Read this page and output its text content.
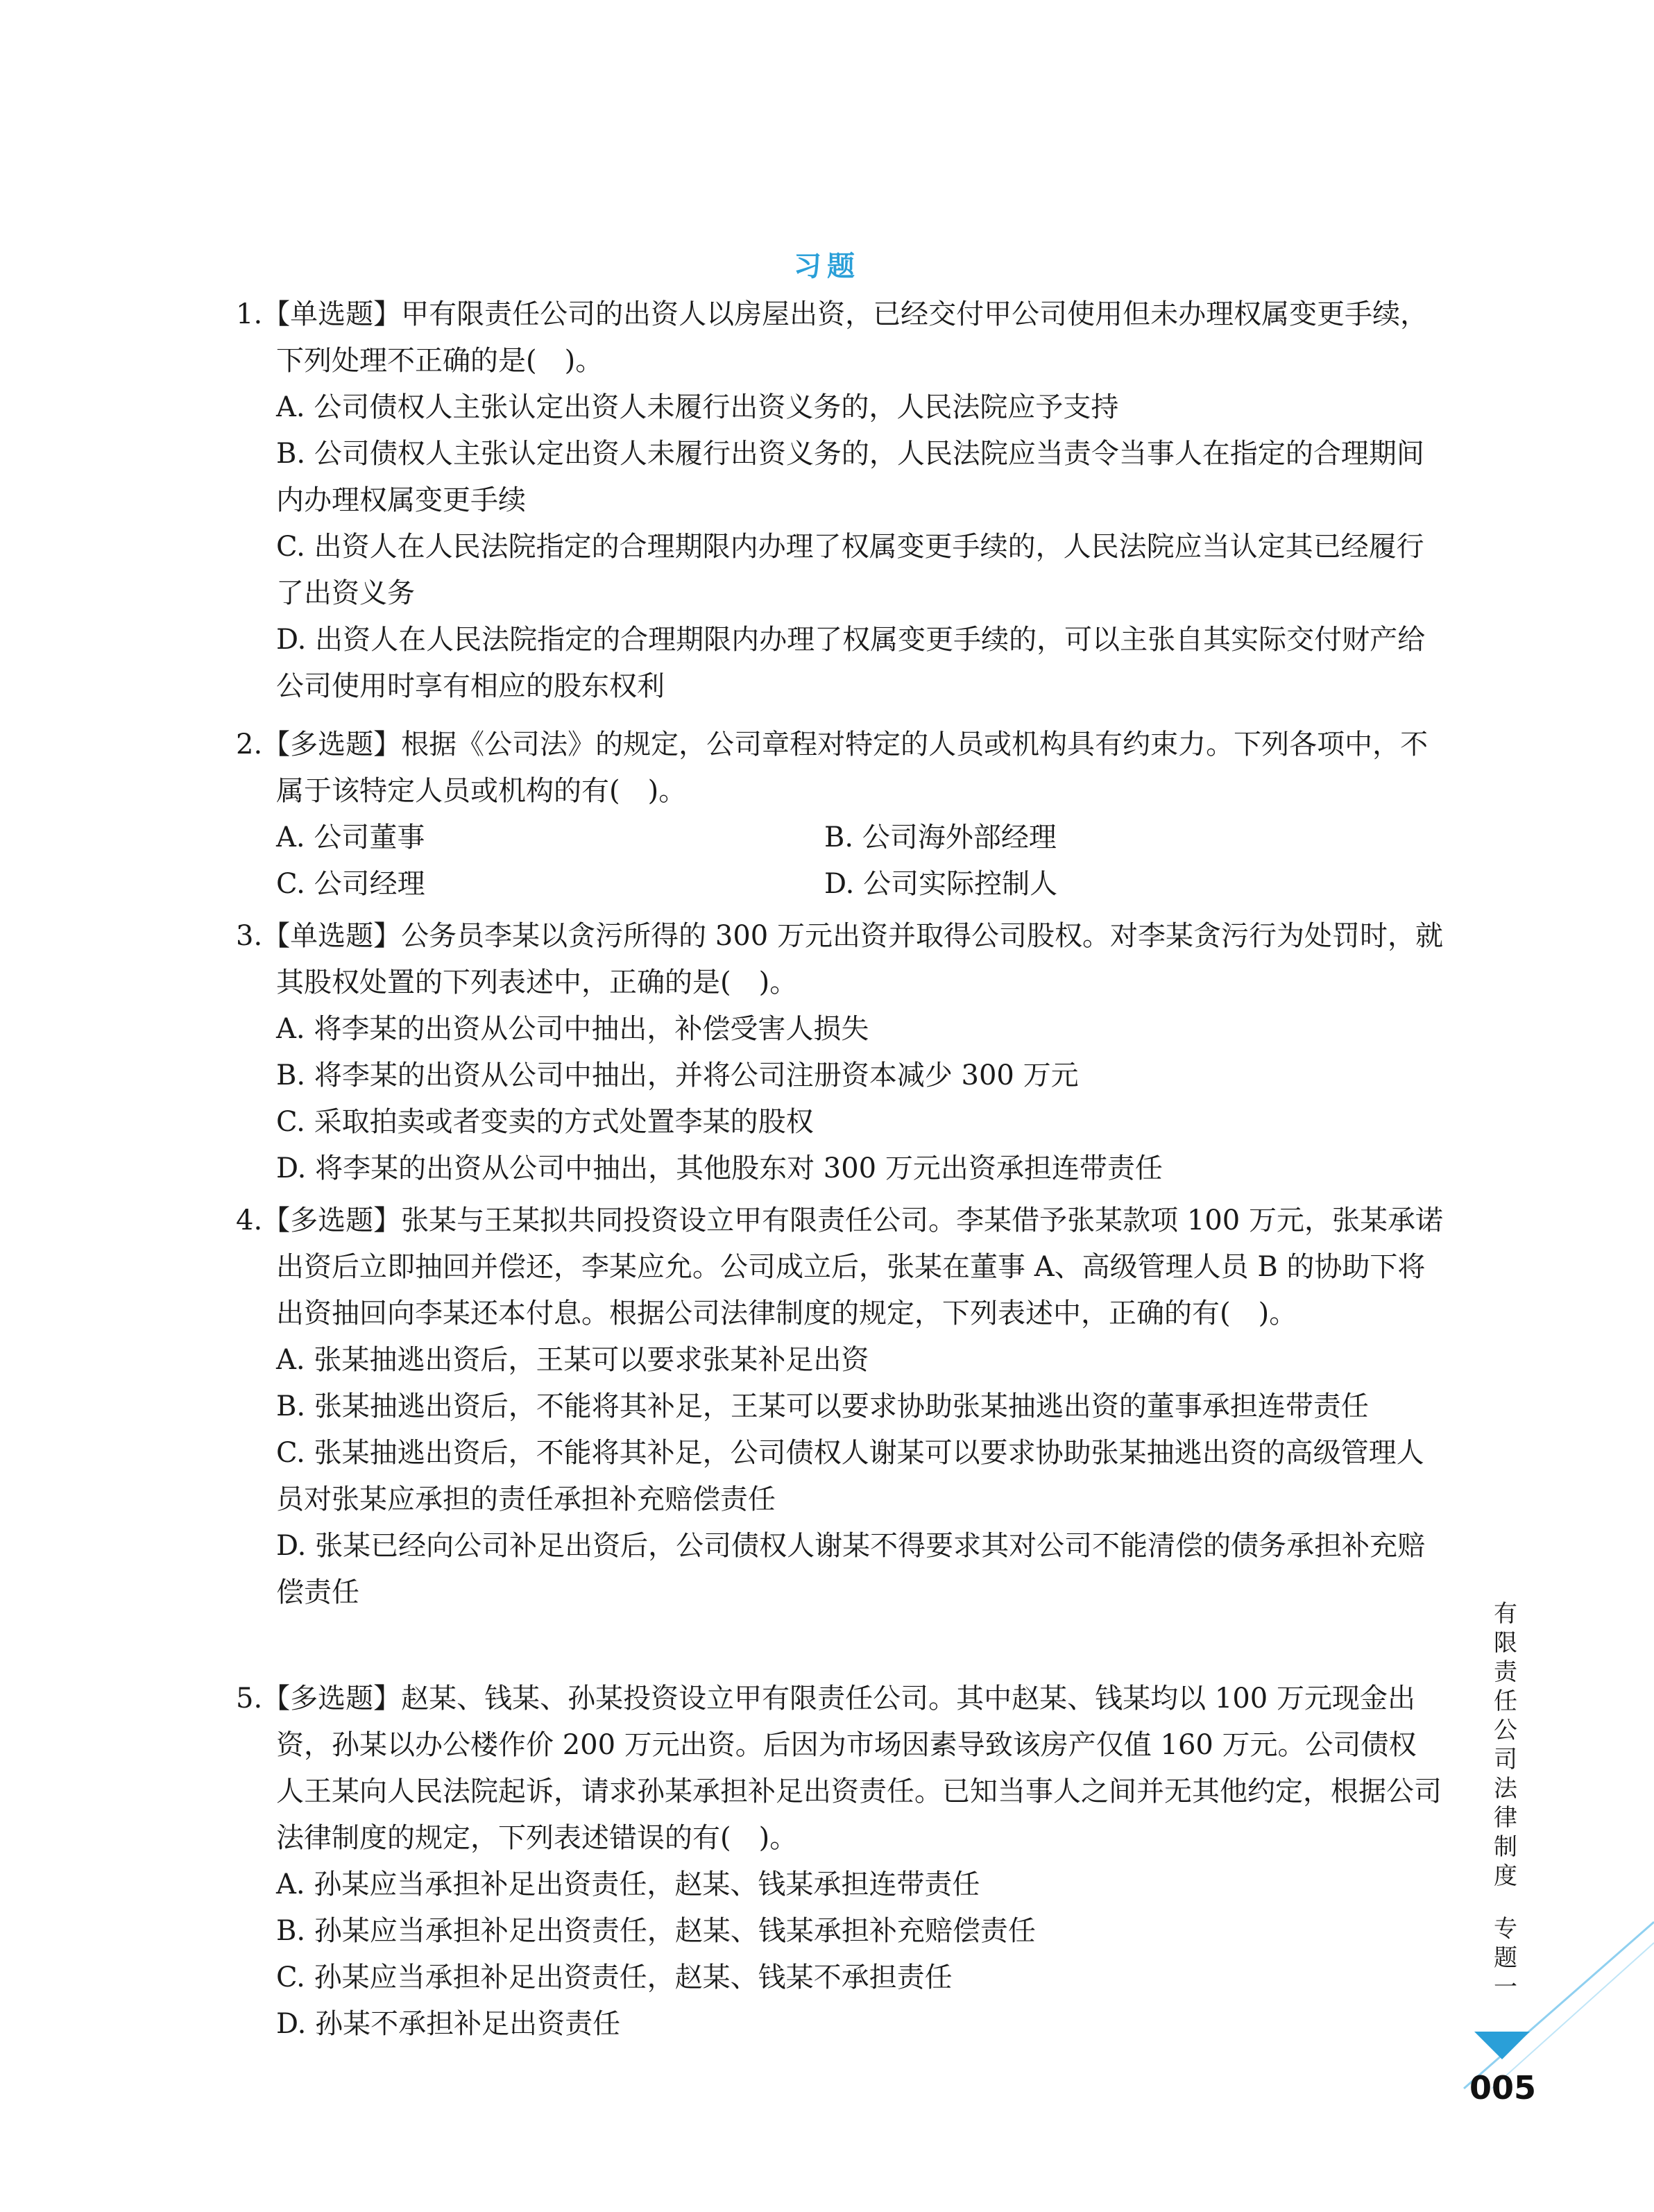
习题
1.【单选题】甲有限责任公司的出资人以房屋出资，已经交付甲公司使用但未办理权属变更手续，下列处理不正确的是(　)。
A. 公司债权人主张认定出资人未履行出资义务的，人民法院应予支持
B. 公司债权人主张认定出资人未履行出资义务的，人民法院应当责令当事人在指定的合理期间内办理权属变更手续
C. 出资人在人民法院指定的合理期限内办理了权属变更手续的，人民法院应当认定其已经履行了出资义务
D. 出资人在人民法院指定的合理期限内办理了权属变更手续的，可以主张自其实际交付财产给公司使用时享有相应的股东权利
2.【多选题】根据《公司法》的规定，公司章程对特定的人员或机构具有约束力。下列各项中，不属于该特定人员或机构的有(　)。
A. 公司董事	B. 公司海外部经理
C. 公司经理	D. 公司实际控制人
3.【单选题】公务员李某以贪污所得的 300 万元出资并取得公司股权。对李某贪污行为处罚时，就其股权处置的下列表述中，正确的是(　)。
A. 将李某的出资从公司中抽出，补偿受害人损失
B. 将李某的出资从公司中抽出，并将公司注册资本减少 300 万元
C. 采取拍卖或者变卖的方式处置李某的股权
D. 将李某的出资从公司中抽出，其他股东对 300 万元出资承担连带责任
4.【多选题】张某与王某拟共同投资设立甲有限责任公司。李某借予张某款项 100 万元，张某承诺出资后立即抽回并偿还，李某应允。公司成立后，张某在董事 A、高级管理人员 B 的协助下将出资抽回向李某还本付息。根据公司法律制度的规定，下列表述中，正确的有(　)。
A. 张某抽逃出资后，王某可以要求张某补足出资
B. 张某抽逃出资后，不能将其补足，王某可以要求协助张某抽逃出资的董事承担连带责任
C. 张某抽逃出资后，不能将其补足，公司债权人谢某可以要求协助张某抽逃出资的高级管理人员对张某应承担的责任承担补充赔偿责任
D. 张某已经向公司补足出资后，公司债权人谢某不得要求其对公司不能清偿的债务承担补充赔偿责任
5.【多选题】赵某、钱某、孙某投资设立甲有限责任公司。其中赵某、钱某均以 100 万元现金出资，孙某以办公楼作价 200 万元出资。后因为市场因素导致该房产仅值 160 万元。公司债权人王某向人民法院起诉，请求孙某承担补足出资责任。已知当事人之间并无其他约定，根据公司法律制度的规定，下列表述错误的有(　)。
A. 孙某应当承担补足出资责任，赵某、钱某承担连带责任
B. 孙某应当承担补足出资责任，赵某、钱某承担补充赔偿责任
C. 孙某应当承担补足出资责任，赵某、钱某不承担责任
D. 孙某不承担补足出资责任
有
限
责
任
公
司
法
律
制
度
专
题
一
005
